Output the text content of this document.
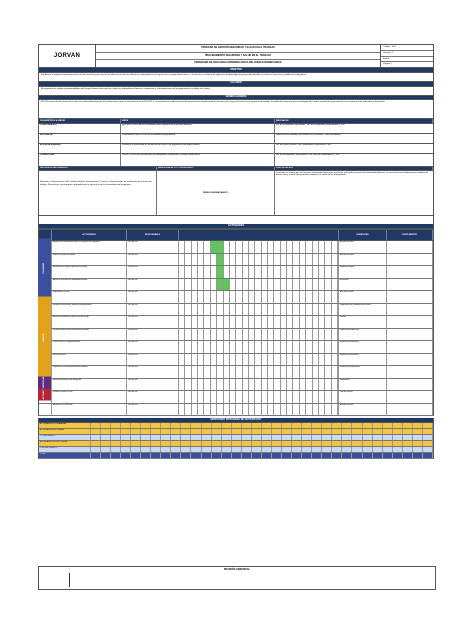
JORVAN
PROCESO DE GESTIÓN SEGURIDAD Y SALUD EN EL TRABAJO
PROCEDIMIENTO SEGURIDAD Y SALUD EN EL TRABAJO
PROGRAMA DE VIGILANCIA EPIDEMIOLOGICA DEL RIESGO BIOMECANICO
Código : SST
Versión : 1
Fecha :
Página 1
OBJETIVO
Establecer e implementar lineamientos de intervención y prevención de alteraciones de la salud de los trabajadores por exposición a riesgo biomecánico, a través de un sistema de vigilancia epidemiológica que permita identificar, evaluar e intervenir la población trabajadora.
ALCANCE
El programa de vigilancia epidemiológica del riesgo biomecánico aplica a todos los trabajadores directos, contratistas y subcontratistas de la organización en todas sus sedes.
GENERALIDADES
El PVE consta de dos fases de acción. Se realiza identificación de cuadro básico que se encuentran en la SG-SST, y se conforma el modelo teórico de intervención, identificando los factores de riesgo presentes en los puestos de trabajo, la población expuesta y las estrategias de control, promoción y prevención, con evaluación de indicadores de gestión.
PARAMETROS A MEDIR	META	INDICADOR
CUMPLIMIENTO	Ejecutar el 100% de las actividades del programa en el periodo definido	No. de actividades ejecutadas / No. de actividades programadas x 100
EFICIENCIA	Cumplimiento del 90% de las actividades programadas	Número de actividades ejecutadas en el periodo / Total actividades
EFICACIA (Impacto)	Disminuir el porcentaje de incidencia de casos con diagnóstico de origen laboral	No. de casos nuevos / No. trabajadores expuestos x 100
COBERTURA	Cubrir al 100% de la población de trabajadores expuestos al riesgo biomecánico	No. de trabajadores intervenidos / No. total de trabajadores x 100
RECURSOS NECESARIOS	RIESGO/IMPACTO CONTROLADO	JUSTIFICACION
Humanos: Profesional en SST, médico laboral, fisioterapeuta. Técnicos: Herramientas de evaluación de puestos de trabajo. Financieros: presupuesto asignado para la ejecución de las actividades del programa.
RIESGO BIOMECANICO
Teniendo en cuenta que las lesiones osteomusculares son una de las principales causas de enfermedad laboral, se hace necesario implementar medidas de prevención y control que permitan mantener la salud de los trabajadores.
ACTIVIDADES
ACTIVIDADES	RESPONSABLE	EVIDENCIAS	CUMPLIMIENTO
Asignar los responsables para el programa de vigilancia	Jefe de SST	Acta de Reunión
Elaborar el plan de trabajo	Jefe de SST	Acta de Reunión
Identificar los cargos expuestos al riesgo	Jefe de SST	Matriz de riesgos
Aplicar la encuesta de morbilidad sentida	Jefe de SST	Encuestas
Seguimiento al PVE	Jefe de SST	Acta de Reunión
Realizar evaluaciones médicas ocupacionales	Jefe de SST	Diagnóstico de condiciones de salud
Analizar la población según nivel de riesgo	Jefe de SST	Informe
Realizar inspecciones a puestos de trabajo	Jefe de SST	Formato de inspección
Capacitación en higiene postural	Jefe de SST	Registro de asistencia
Pausas activas	Jefe de SST	Registro de asistencia
Seguimiento a recomendaciones médicas	Jefe de SST	Informe de seguimiento
Evaluar indicadores del programa	Jefe de SST	Indicadores
Realizar ajustes al PVE	Jefe de SST	Plan de mejora
Ajustes al PVE de SME	Jefe de SST	Acta de revisión
PLANEAR
HACER
VERIFICAR
ACTUAR
MONITOREO PROGRAMA DE GESTIÓN 2017
ACTIVIDADES PROGRAMADAS
ACTIVIDADES EJECUTADAS
% CUMPLIMIENTO
ACTIVIDADES NO EJECUTADAS
% INCUMPLIMIENTO
TOTAL
REVISIÓN GERENCIAL
